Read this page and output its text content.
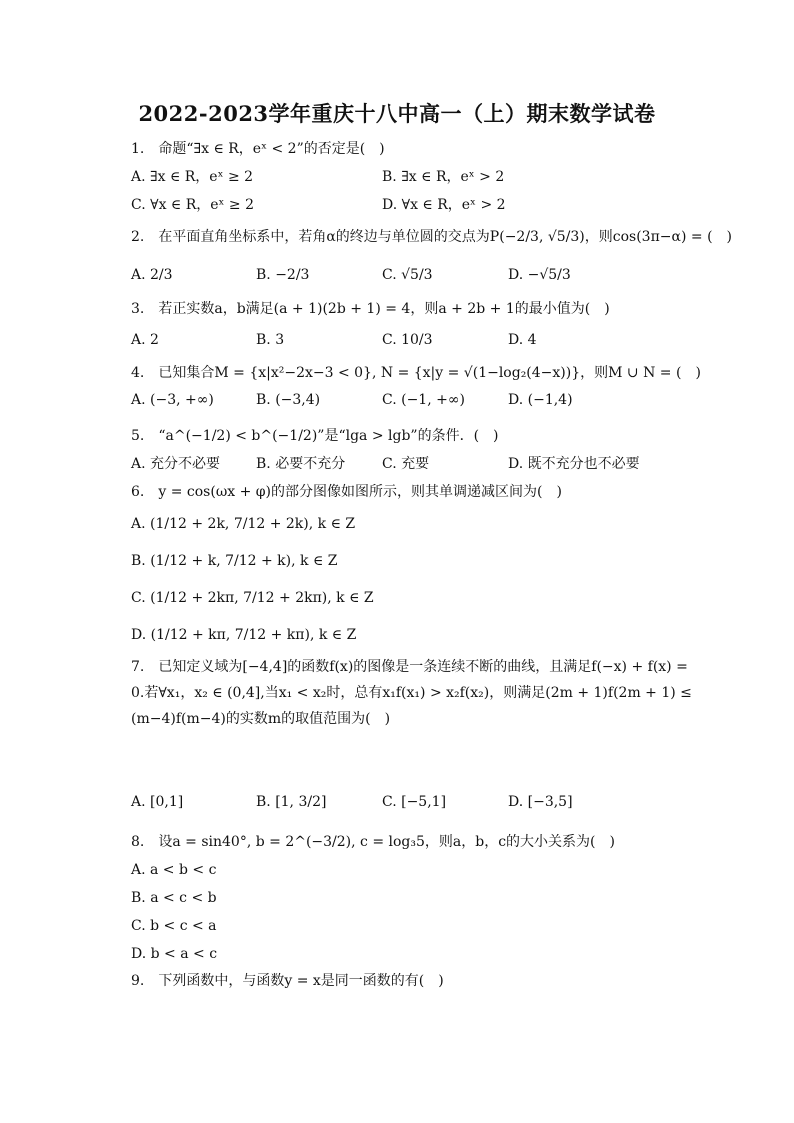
2022-2023学年重庆十八中高一（上）期末数学试卷
1.　命题“∃x ∈ R，eˣ < 2”的否定是(　)
A. ∃x ∈ R，eˣ ≥ 2	B. ∃x ∈ R，eˣ > 2
C. ∀x ∈ R，eˣ ≥ 2	D. ∀x ∈ R，eˣ > 2
2.　在平面直角坐标系中，若角α的终边与单位圆的交点为P(−2/3, √5/3)，则cos(3π−α) = (　)
A. 2/3	B. −2/3	C. √5/3	D. −√5/3
3.　若正实数a，b满足(a + 1)(2b + 1) = 4，则a + 2b + 1的最小值为(　)
A. 2	B. 3	C. 10/3	D. 4
4.　已知集合M = {x|x²−2x−3 < 0}, N = {x|y = √(1−log₂(4−x))}，则M ∪ N = (　)
A. (−3, +∞)	B. (−3,4)	C. (−1, +∞)	D. (−1,4)
5.　“a^(−1/2) < b^(−1/2)”是“lga > lgb”的条件．(　)
A. 充分不必要	B. 必要不充分	C. 充要	D. 既不充分也不必要
6.　y = cos(ωx + φ)的部分图像如图所示，则其单调递减区间为(　)
A. (1/12 + 2k, 7/12 + 2k), k ∈ Z
B. (1/12 + k, 7/12 + k), k ∈ Z
C. (1/12 + 2kπ, 7/12 + 2kπ), k ∈ Z
D. (1/12 + kπ, 7/12 + kπ), k ∈ Z
7.　已知定义域为[−4,4]的函数f(x)的图像是一条连续不断的曲线，且满足f(−x) + f(x) = 0.若∀x₁，x₂ ∈ (0,4],当x₁ < x₂时，总有x₁f(x₁) > x₂f(x₂)，则满足(2m + 1)f(2m + 1) ≤ (m−4)f(m−4)的实数m的取值范围为(　)
A. [0,1]	B. [1, 3/2]	C. [−5,1]	D. [−3,5]
8.　设a = sin40°, b = 2^(−3/2), c = log₃5，则a，b，c的大小关系为(　)
A. a < b < c
B. a < c < b
C. b < c < a
D. b < a < c
9.　下列函数中，与函数y = x是同一函数的有(　)
